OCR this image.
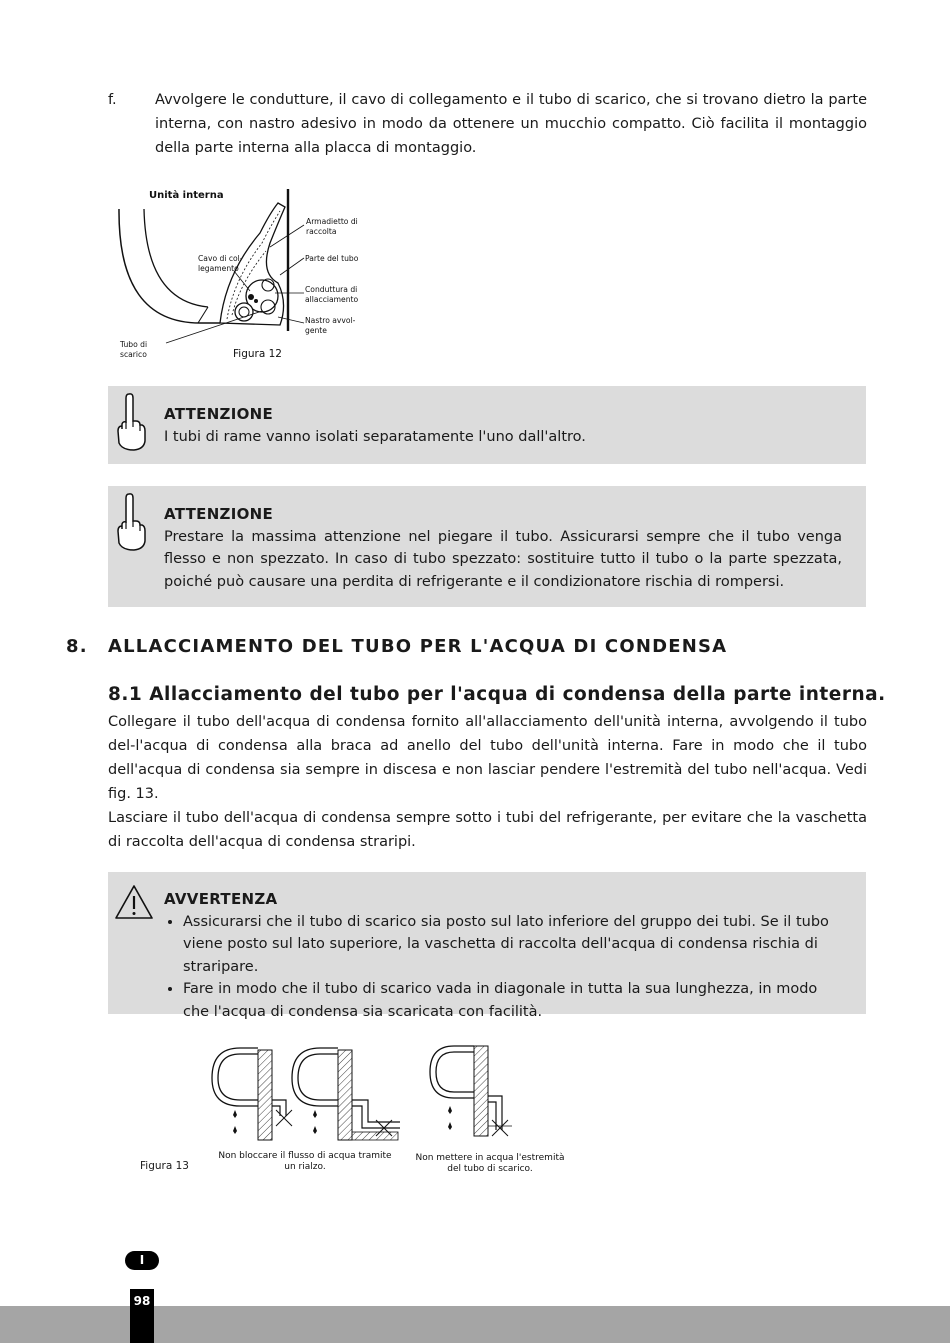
f.	Avvolgere le condutture, il cavo di collegamento e il tubo di scarico, che si trovano dietro la parte interna, con nastro adesivo in modo da ottenere un mucchio compatto. Ciò facilita il montaggio della parte interna alla placca di montaggio.
Unità interna
Armadietto di
raccolta
Parte del tubo
Conduttura di
allacciamento
Nastro avvol-
gente
Cavo di col-
legamento
Tubo di
scarico	Figura 12
ATTENZIONE
I tubi di rame vanno isolati separatamente l'uno dall'altro.
ATTENZIONE
Prestare la massima attenzione nel piegare il tubo. Assicurarsi sempre che il tubo venga flesso e non spezzato. In caso di tubo spezzato: sostituire tutto il tubo o la parte spezzata, poiché può causare una perdita di refrigerante e il condizionatore rischia di rompersi.
8. ALLACCIAMENTO DEL TUBO PER L'ACQUA DI CONDENSA
8.1 Allacciamento del tubo per l'acqua di condensa della parte interna.
Collegare il tubo dell'acqua di condensa fornito all'allacciamento dell'unità interna, avvolgendo il tubo del-l'acqua di condensa alla braca ad anello del tubo dell'unità interna. Fare in modo che il tubo dell'acqua di condensa sia sempre in discesa e non lasciar pendere l'estremità del tubo nell'acqua. Vedi fig. 13.
Lasciare il tubo dell'acqua di condensa sempre sotto i tubi del refrigerante, per evitare che la vaschetta di raccolta dell'acqua di condensa straripi.
AVVERTENZA
• Assicurarsi che il tubo di scarico sia posto sul lato inferiore del gruppo dei tubi. Se il tubo viene posto sul lato superiore, la vaschetta di raccolta dell'acqua di condensa rischia di straripare.
• Fare in modo che il tubo di scarico vada in diagonale in tutta la sua lunghezza, in modo che l'acqua di condensa sia scaricata con facilità.
Non bloccare il flusso di acqua tramite
un rialzo.
Non mettere in acqua l'estremità
del tubo di scarico.
Figura 13
I
98
